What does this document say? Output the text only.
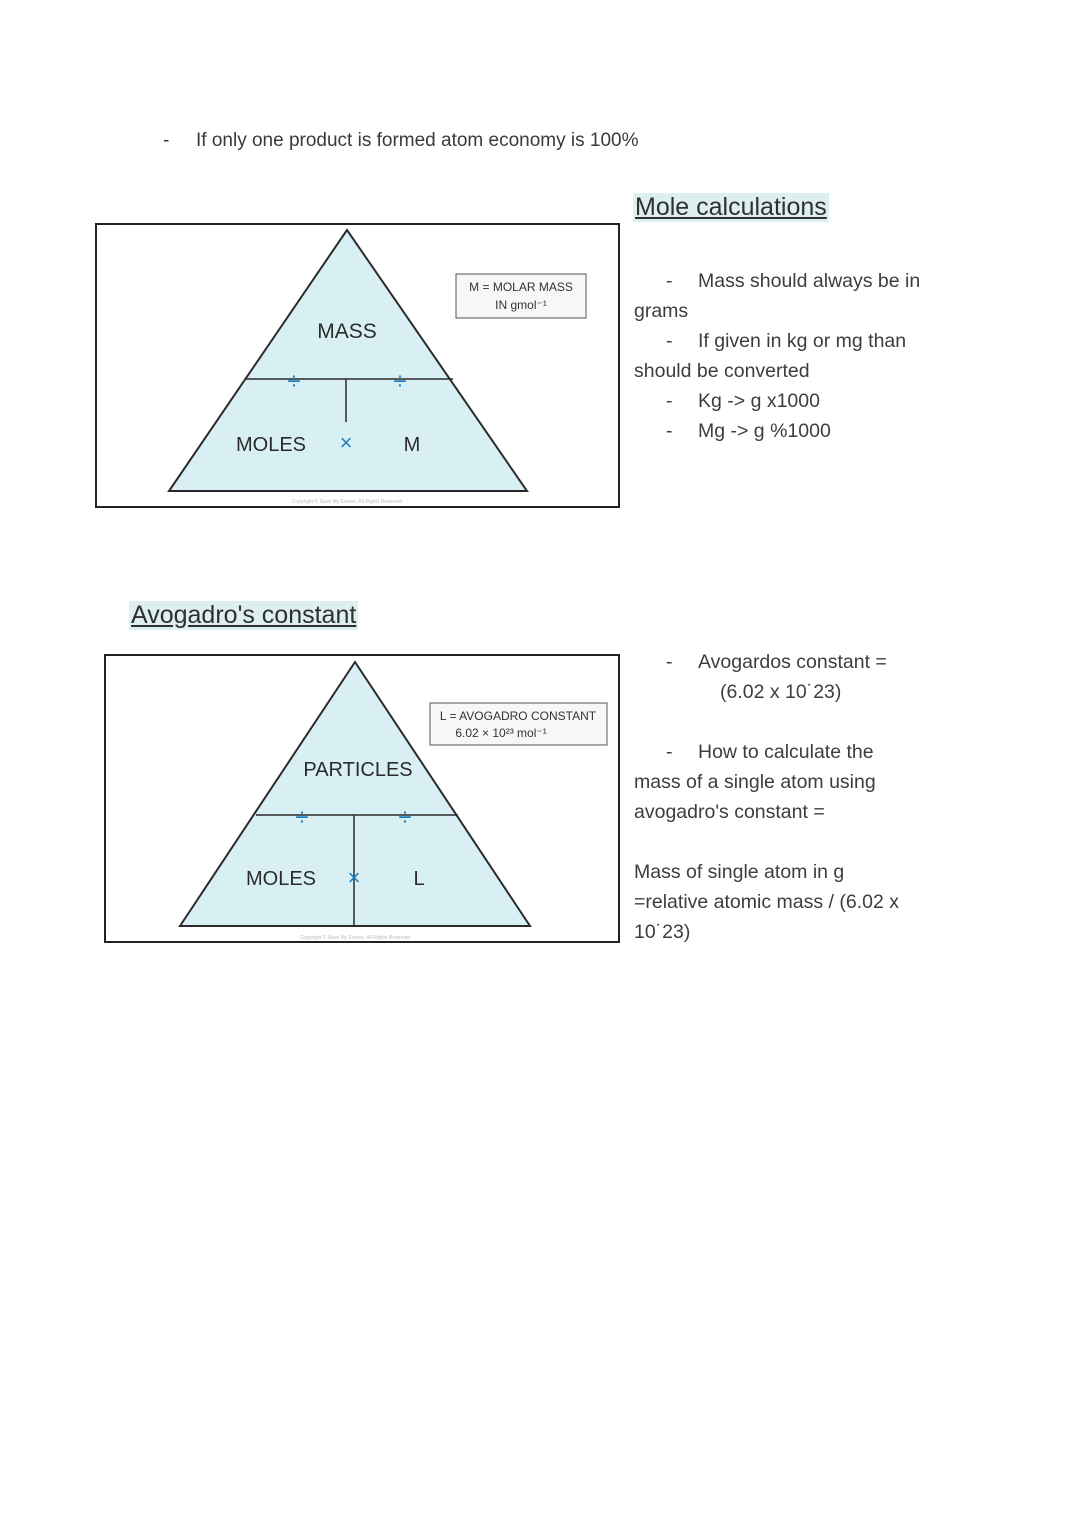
- If only one product is formed atom economy is 100%
Mole calculations
MASS
MOLES	M
×
÷	÷
M = MOLAR MASS
IN gmol⁻¹
Copyright © Save My Exams. All Rights Reserved
- Mass should always be in
grams
- If given in kg or mg than
should be converted
- Kg -> g x1000
- Mg -> g %1000
Avogadro's constant
PARTICLES
MOLES	L
×
÷	÷
L = AVOGADRO CONSTANT
6.02 × 10²³ mol⁻¹
Copyright © Save My Exams. All Rights Reserved
- Avogardos constant =
(6.02 x 10˙23)
- How to calculate the
mass of a single atom using
avogadro's constant =
Mass of single atom in g
=relative atomic mass / (6.02 x
10˙23)
